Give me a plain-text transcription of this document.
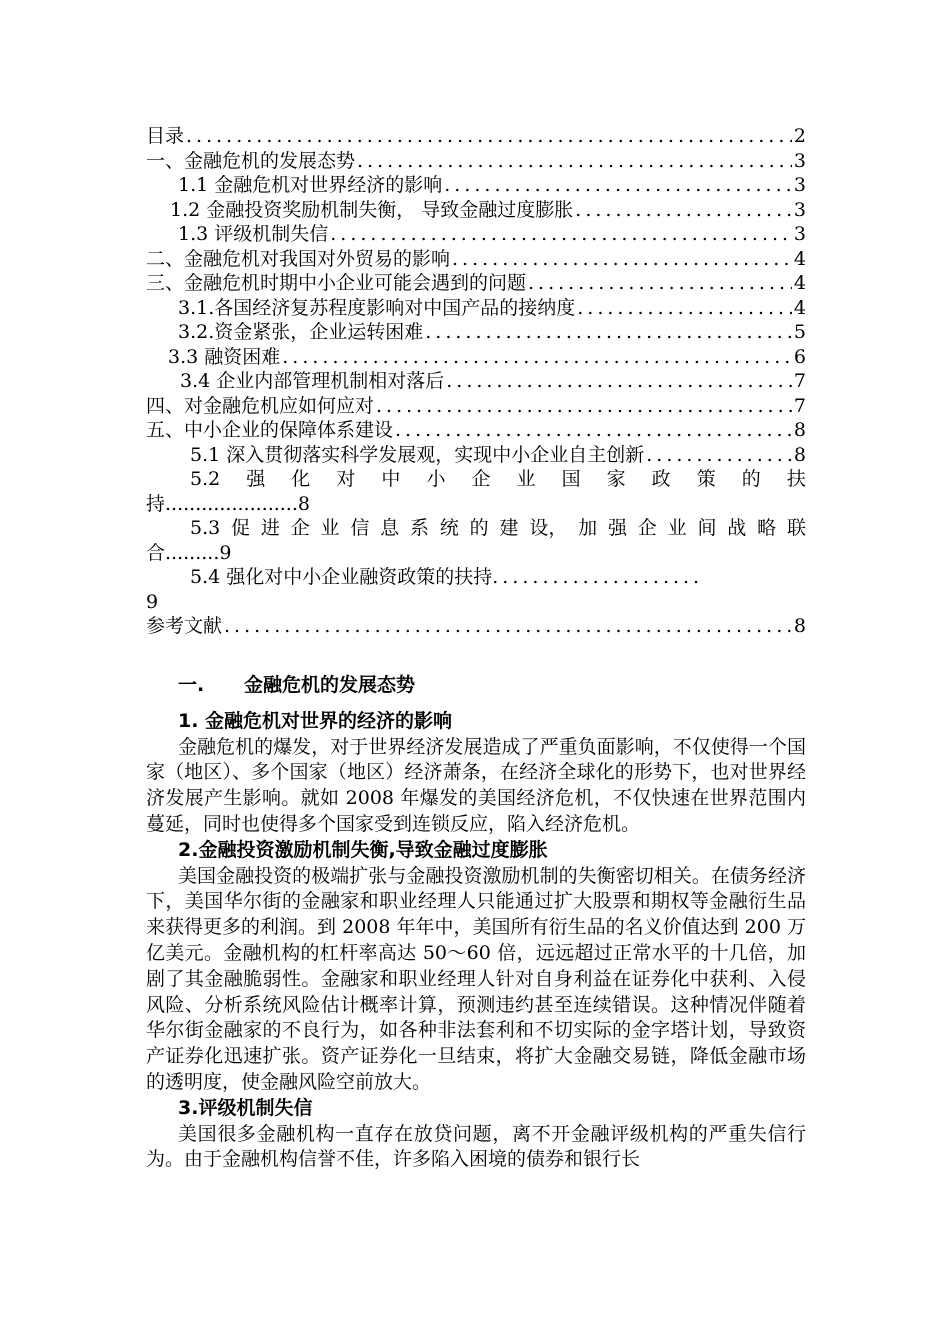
目录 .....	2
一、金融危机的发展态势 .....	3
1.1 金融危机对世界经济的影响 .....	3
1.2 金融投资奖励机制失衡， 导致金融过度膨胀 .....	3
1.3 评级机制失信 .....	3
二、金融危机对我国对外贸易的影响 .....	4
三、金融危机时期中小企业可能会遇到的问题 .....	4
3.1.各国经济复苏程度影响对中国产品的接纳度 .....	4
3.2.资金紧张，企业运转困难 .....	5
3.3 融资困难 .....	6
3.4 企业内部管理机制相对落后 .....	7
四、对金融危机应如何应对 .....	7
五、中小企业的保障体系建设 .....	8
5.1 深入贯彻落实科学发展观，实现中小企业自主创新 .....	8
5.2 强 化 对 中 小 企 业 国 家 政 策 的 扶
持......................8
5.3 促 进 企 业 信 息 系 统 的 建 设， 加 强 企 业 间 战 略 联
合.........9
5.4 强化对中小企业融资政策的扶持.....................
9
参考文献 .....	8
一. 金融危机的发展态势
1. 金融危机对世界的经济的影响

金融危机的爆发，对于世界经济发展造成了严重负面影响，不仅使得一个国家（地区）、多个国家（地区）经济萧条，在经济全球化的形势下，也对世界经济发展产生影响。就如 2008 年爆发的美国经济危机，不仅快速在世界范围内蔓延，同时也使得多个国家受到连锁反应，陷入经济危机。

2.金融投资激励机制失衡,导致金融过度膨胀

美国金融投资的极端扩张与金融投资激励机制的失衡密切相关。在债务经济下，美国华尔街的金融家和职业经理人只能通过扩大股票和期权等金融衍生品来获得更多的利润。到 2008 年年中，美国所有衍生品的名义价值达到 200 万亿美元。金融机构的杠杆率高达 50～60 倍，远远超过正常水平的十几倍，加剧了其金融脆弱性。金融家和职业经理人针对自身利益在证券化中获利、入侵风险、分析系统风险估计概率计算，预测违约甚至连续错误。这种情况伴随着华尔街金融家的不良行为，如各种非法套利和不切实际的金字塔计划，导致资产证券化迅速扩张。资产证券化一旦结束，将扩大金融交易链，降低金融市场的透明度，使金融风险空前放大。

3.评级机制失信

美国很多金融机构一直存在放贷问题，离不开金融评级机构的严重失信行为。由于金融机构信誉不佳，许多陷入困境的债券和银行长
